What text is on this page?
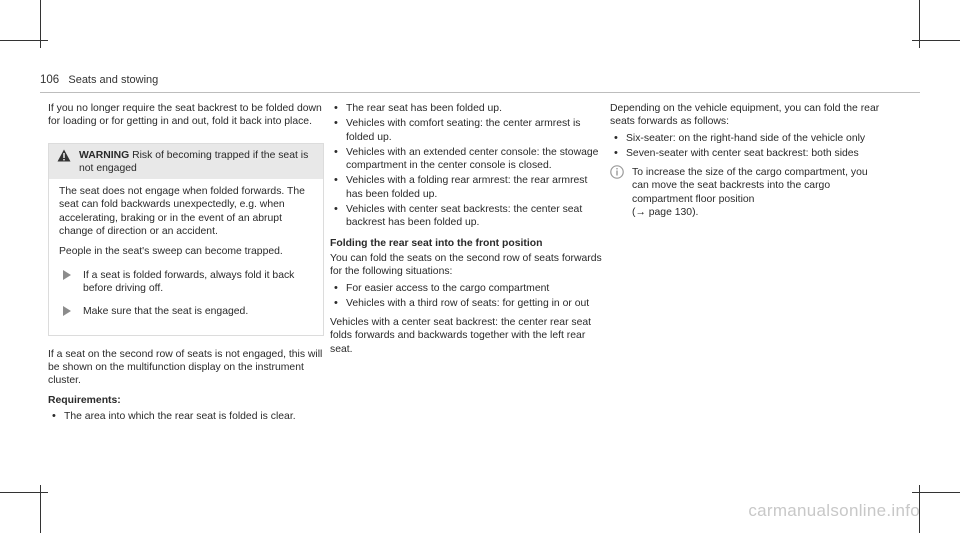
106 Seats and stowing

If you no longer require the seat backrest to be folded down for loading or for getting in and out, fold it back into place.

WARNING Risk of becoming trapped if the seat is not engaged

The seat does not engage when folded forwards. The seat can fold backwards unexpectedly, e.g. when accelerating, braking or in the event of an abrupt change of direction or an accident.

People in the seat's sweep can become trapped.

If a seat is folded forwards, always fold it back before driving off.
Make sure that the seat is engaged.

If a seat on the second row of seats is not engaged, this will be shown on the multifunction display on the instrument cluster.

Requirements:
• The area into which the rear seat is folded is clear.
• The rear seat has been folded up.
• Vehicles with comfort seating: the center armrest is folded up.
• Vehicles with an extended center console: the stowage compartment in the center console is closed.
• Vehicles with a folding rear armrest: the rear armrest has been folded up.
• Vehicles with center seat backrests: the center seat backrest has been folded up.
Folding the rear seat into the front position

You can fold the seats on the second row of seats forwards for the following situations:

• For easier access to the cargo compartment
• Vehicles with a third row of seats: for getting in or out

Vehicles with a center seat backrest: the center rear seat folds forwards and backwards together with the left rear seat.

Depending on the vehicle equipment, you can fold the rear seats forwards as follows:

• Six-seater: on the right-hand side of the vehicle only
• Seven-seater with center seat backrest: both sides
To increase the size of the cargo compartment, you can move the seat backrests into the cargo compartment floor position
(→ page 130).
carmanualsonline.info
